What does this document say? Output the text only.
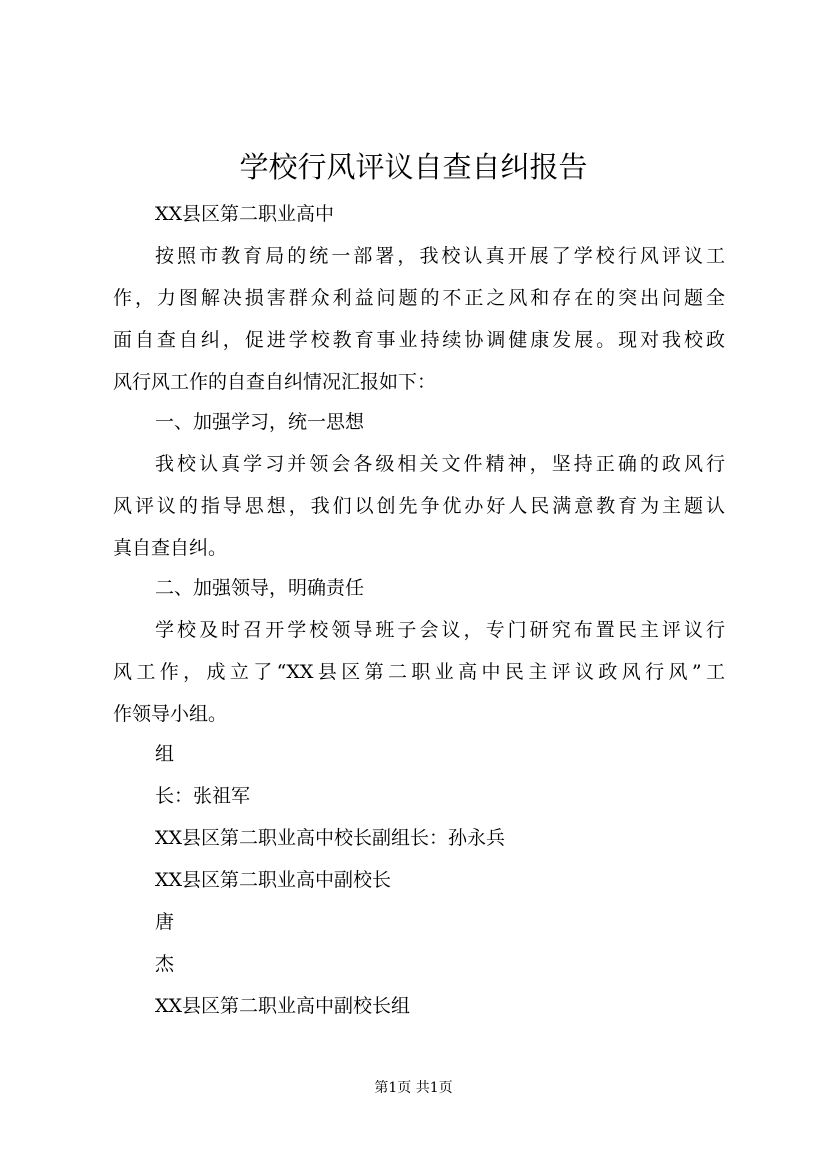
学校行风评议自查自纠报告
XX县区第二职业高中
按照市教育局的统一部署，我校认真开展了学校行风评议工
作，力图解决损害群众利益问题的不正之风和存在的突出问题全
面自查自纠，促进学校教育事业持续协调健康发展。现对我校政
风行风工作的自查自纠情况汇报如下：
一、加强学习，统一思想
我校认真学习并领会各级相关文件精神，坚持正确的政风行
风评议的指导思想，我们以创先争优办好人民满意教育为主题认
真自查自纠。
二、加强领导，明确责任
学校及时召开学校领导班子会议，专门研究布置民主评议行
风工作，成立了“XX县区第二职业高中民主评议政风行风”工
作领导小组。
组
长：张祖军
XX县区第二职业高中校长副组长：孙永兵
XX县区第二职业高中副校长
唐
杰
XX县区第二职业高中副校长组
第1页 共1页
